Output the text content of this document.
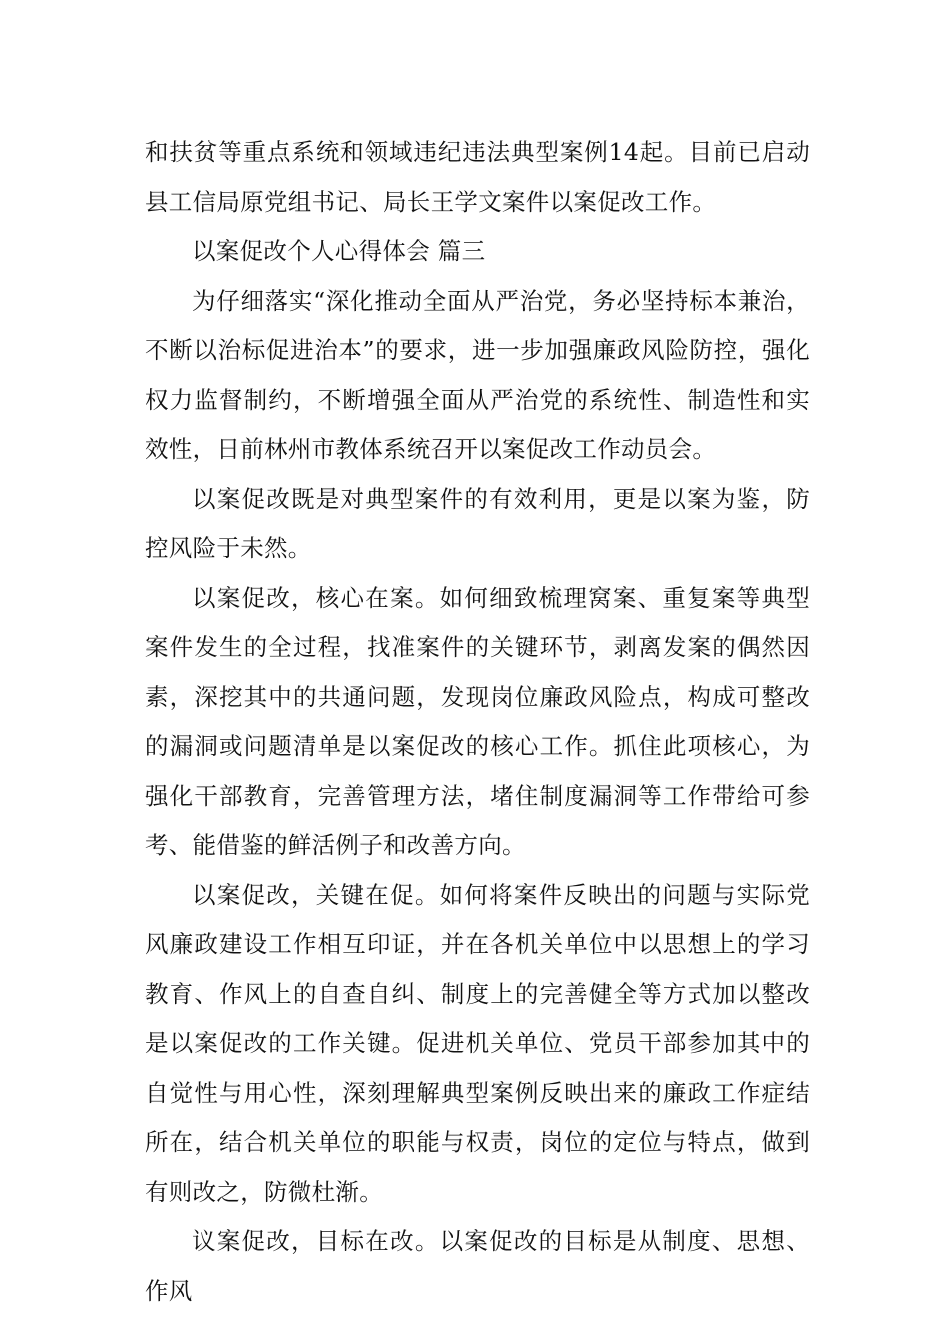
和扶贫等重点系统和领域违纪违法典型案例14起。目前已启动县工信局原党组书记、局长王学文案件以案促改工作。

以案促改个人心得体会 篇三

为仔细落实“深化推动全面从严治党，务必坚持标本兼治，不断以治标促进治本”的要求，进一步加强廉政风险防控，强化权力监督制约，不断增强全面从严治党的系统性、制造性和实效性，日前林州市教体系统召开以案促改工作动员会。

以案促改既是对典型案件的有效利用，更是以案为鉴，防控风险于未然。

以案促改，核心在案。如何细致梳理窝案、重复案等典型案件发生的全过程，找准案件的关键环节，剥离发案的偶然因素，深挖其中的共通问题，发现岗位廉政风险点，构成可整改的漏洞或问题清单是以案促改的核心工作。抓住此项核心，为强化干部教育，完善管理方法，堵住制度漏洞等工作带给可参考、能借鉴的鲜活例子和改善方向。

以案促改，关键在促。如何将案件反映出的问题与实际党风廉政建设工作相互印证，并在各机关单位中以思想上的学习教育、作风上的自查自纠、制度上的完善健全等方式加以整改是以案促改的工作关键。促进机关单位、党员干部参加其中的自觉性与用心性，深刻理解典型案例反映出来的廉政工作症结所在，结合机关单位的职能与权责，岗位的定位与特点，做到有则改之，防微杜渐。

议案促改，目标在改。以案促改的目标是从制度、思想、作风
